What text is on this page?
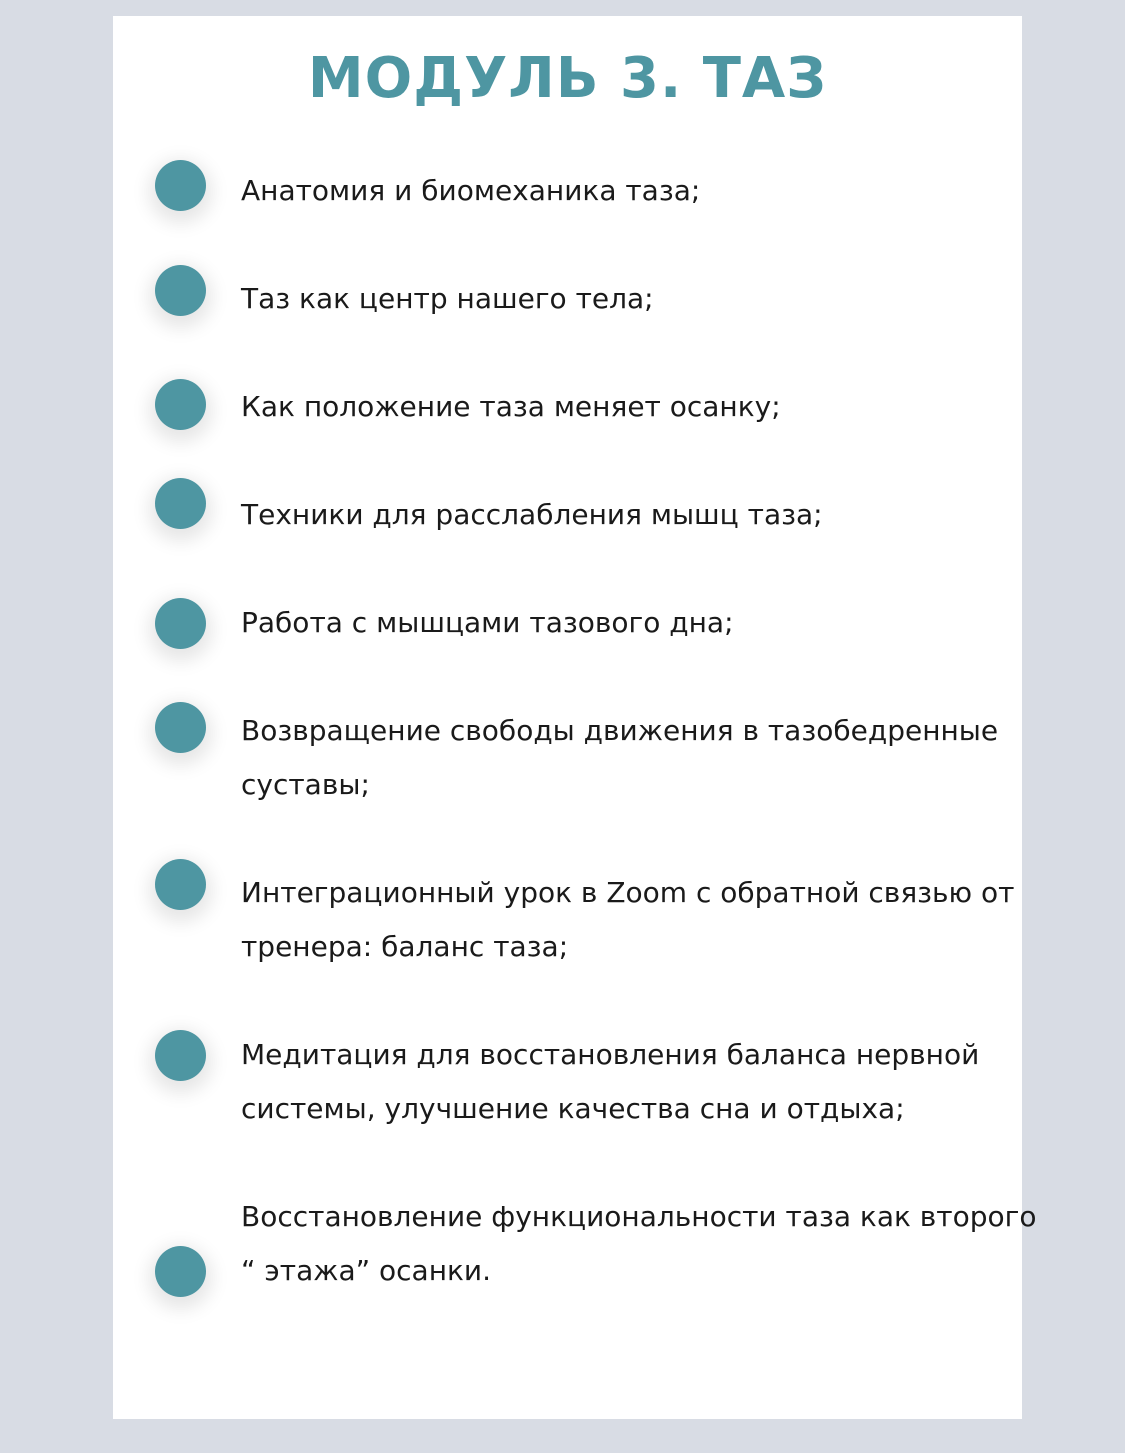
МОДУЛЬ 3. ТАЗ
Анатомия и биомеханика таза;
Таз как центр нашего тела;
Как положение таза меняет осанку;
Техники для расслабления мышц таза;
Работа с мышцами тазового дна;
Возвращение свободы движения в тазобедренные суставы;
Интеграционный урок в Zoom с обратной связью от тренера: баланс таза;
Медитация для восстановления баланса нервной системы, улучшение качества сна и отдыха;
Восстановление функциональности таза как второго “ этажа” осанки.
